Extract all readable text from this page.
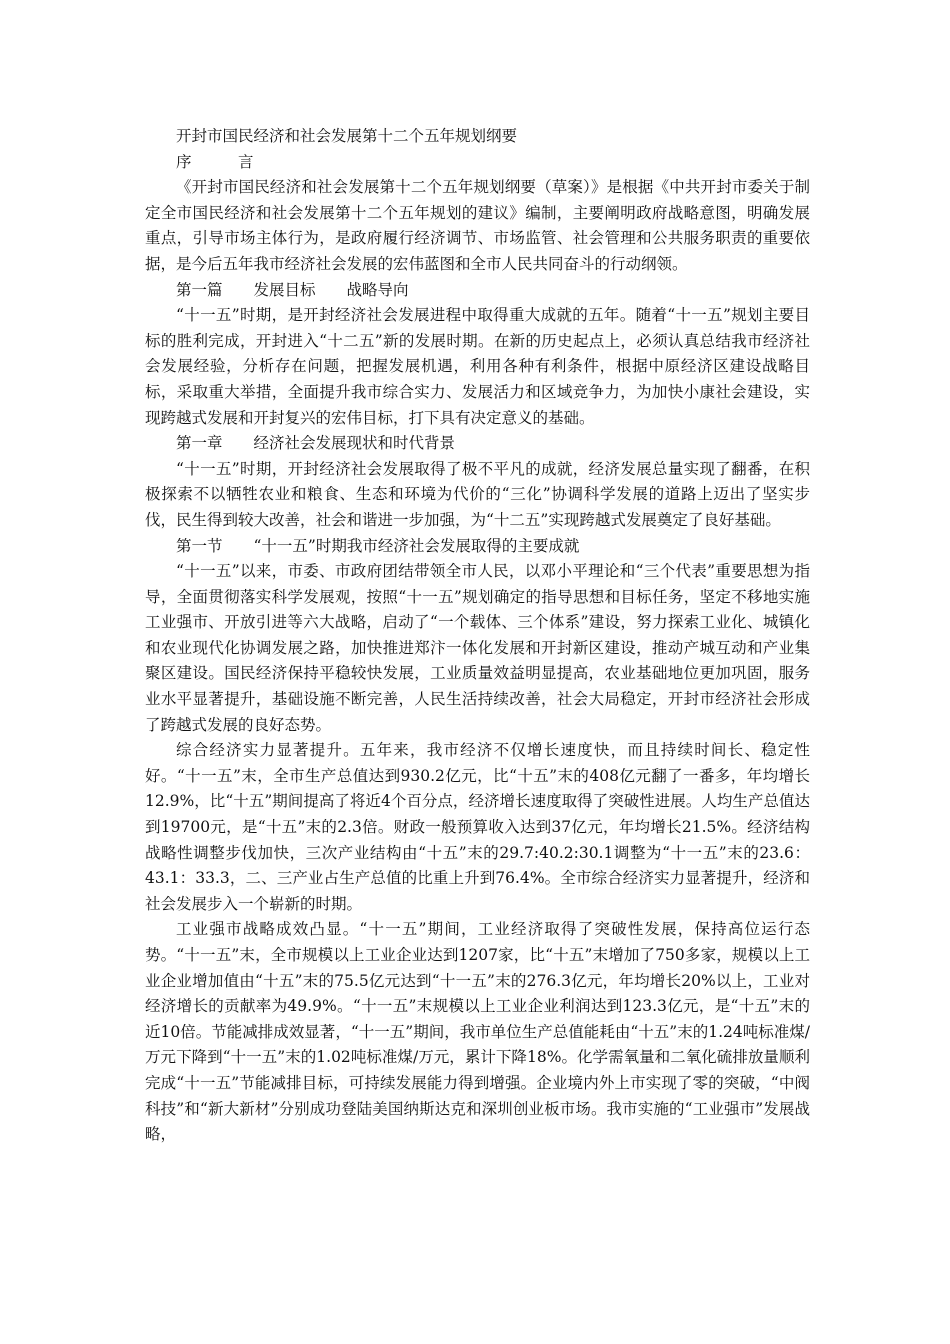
开封市国民经济和社会发展第十二个五年规划纲要

序　　　言

《开封市国民经济和社会发展第十二个五年规划纲要（草案）》是根据《中共开封市委关于制定全市国民经济和社会发展第十二个五年规划的建议》编制，主要阐明政府战略意图，明确发展重点，引导市场主体行为，是政府履行经济调节、市场监管、社会管理和公共服务职责的重要依据，是今后五年我市经济社会发展的宏伟蓝图和全市人民共同奋斗的行动纲领。

第一篇　　发展目标　　战略导向

“十一五”时期，是开封经济社会发展进程中取得重大成就的五年。随着“十一五”规划主要目标的胜利完成，开封进入“十二五”新的发展时期。在新的历史起点上，必须认真总结我市经济社会发展经验，分析存在问题，把握发展机遇，利用各种有利条件，根据中原经济区建设战略目标，采取重大举措，全面提升我市综合实力、发展活力和区域竞争力，为加快小康社会建设，实现跨越式发展和开封复兴的宏伟目标，打下具有决定意义的基础。

第一章　　经济社会发展现状和时代背景

“十一五”时期，开封经济社会发展取得了极不平凡的成就，经济发展总量实现了翻番，在积极探索不以牺牲农业和粮食、生态和环境为代价的“三化”协调科学发展的道路上迈出了坚实步伐，民生得到较大改善，社会和谐进一步加强，为“十二五”实现跨越式发展奠定了良好基础。

第一节　　“十一五”时期我市经济社会发展取得的主要成就

“十一五”以来，市委、市政府团结带领全市人民，以邓小平理论和“三个代表”重要思想为指导，全面贯彻落实科学发展观，按照“十一五”规划确定的指导思想和目标任务，坚定不移地实施工业强市、开放引进等六大战略，启动了“一个载体、三个体系”建设，努力探索工业化、城镇化和农业现代化协调发展之路，加快推进郑汴一体化发展和开封新区建设，推动产城互动和产业集聚区建设。国民经济保持平稳较快发展，工业质量效益明显提高，农业基础地位更加巩固，服务业水平显著提升，基础设施不断完善，人民生活持续改善，社会大局稳定，开封市经济社会形成了跨越式发展的良好态势。

综合经济实力显著提升。五年来，我市经济不仅增长速度快，而且持续时间长、稳定性好。“十一五”末，全市生产总值达到930.2亿元，比“十五”末的408亿元翻了一番多，年均增长12.9%，比“十五”期间提高了将近4个百分点，经济增长速度取得了突破性进展。人均生产总值达到19700元，是“十五”末的2.3倍。财政一般预算收入达到37亿元，年均增长21.5%。经济结构战略性调整步伐加快，三次产业结构由“十五”末的29.7:40.2:30.1调整为“十一五”末的23.6：43.1：33.3，二、三产业占生产总值的比重上升到76.4%。全市综合经济实力显著提升，经济和社会发展步入一个崭新的时期。

工业强市战略成效凸显。“十一五”期间，工业经济取得了突破性发展，保持高位运行态势。“十一五”末，全市规模以上工业企业达到1207家，比“十五”末增加了750多家，规模以上工业企业增加值由“十五”末的75.5亿元达到“十一五”末的276.3亿元，年均增长20%以上，工业对经济增长的贡献率为49.9%。“十一五”末规模以上工业企业利润达到123.3亿元，是“十五”末的近10倍。节能减排成效显著，“十一五”期间，我市单位生产总值能耗由“十五”末的1.24吨标准煤/万元下降到“十一五”末的1.02吨标准煤/万元，累计下降18%。化学需氧量和二氧化硫排放量顺利完成“十一五”节能减排目标，可持续发展能力得到增强。企业境内外上市实现了零的突破，“中阀科技”和“新大新材”分别成功登陆美国纳斯达克和深圳创业板市场。我市实施的“工业强市”发展战略，
